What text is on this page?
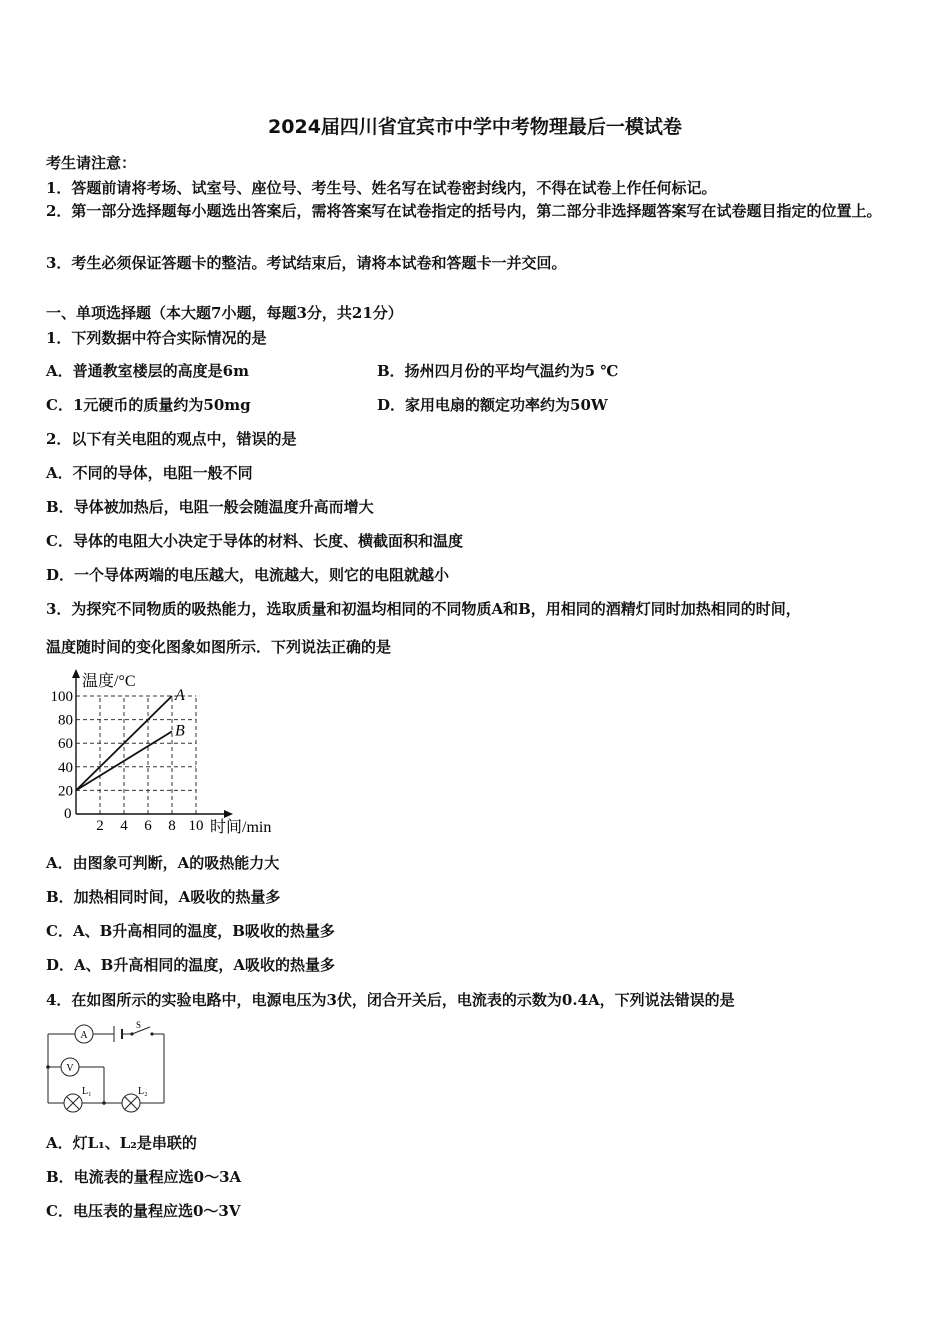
2024届四川省宜宾市中学中考物理最后一模试卷
考生请注意：
1．答题前请将考场、试室号、座位号、考生号、姓名写在试卷密封线内，不得在试卷上作任何标记。
2．第一部分选择题每小题选出答案后，需将答案写在试卷指定的括号内，第二部分非选择题答案写在试卷题目指定的位置上。
3．考生必须保证答题卡的整洁。考试结束后，请将本试卷和答题卡一并交回。
一、单项选择题（本大题7小题，每题3分，共21分）
1．下列数据中符合实际情况的是
A．普通教室楼层的高度是6m	B．扬州四月份的平均气温约为5 ℃
C．1元硬币的质量约为50mg	D．家用电扇的额定功率约为50W
2．以下有关电阻的观点中，错误的是
A．不同的导体，电阻一般不同
B．导体被加热后，电阻一般会随温度升高而增大
C．导体的电阻大小决定于导体的材料、长度、横截面积和温度
D．一个导体两端的电压越大，电流越大，则它的电阻就越小
3．为探究不同物质的吸热能力，选取质量和初温均相同的不同物质A和B，用相同的酒精灯同时加热相同的时间，
温度随时间的变化图象如图所示．下列说法正确的是
温度/°C
时间/min
0
2 4 6 8 10
20
40
60
80
100	A
B
A．由图象可判断，A的吸热能力大
B．加热相同时间，A吸收的热量多
C．A、B升高相同的温度，B吸收的热量多
D．A、B升高相同的温度，A吸收的热量多
4．在如图所示的实验电路中，电源电压为3伏，闭合开关后，电流表的示数为0.4A，下列说法错误的是
A
S
V
L₁	L₂
A．灯L₁、L₂是串联的
B．电流表的量程应选0～3A
C．电压表的量程应选0～3V
